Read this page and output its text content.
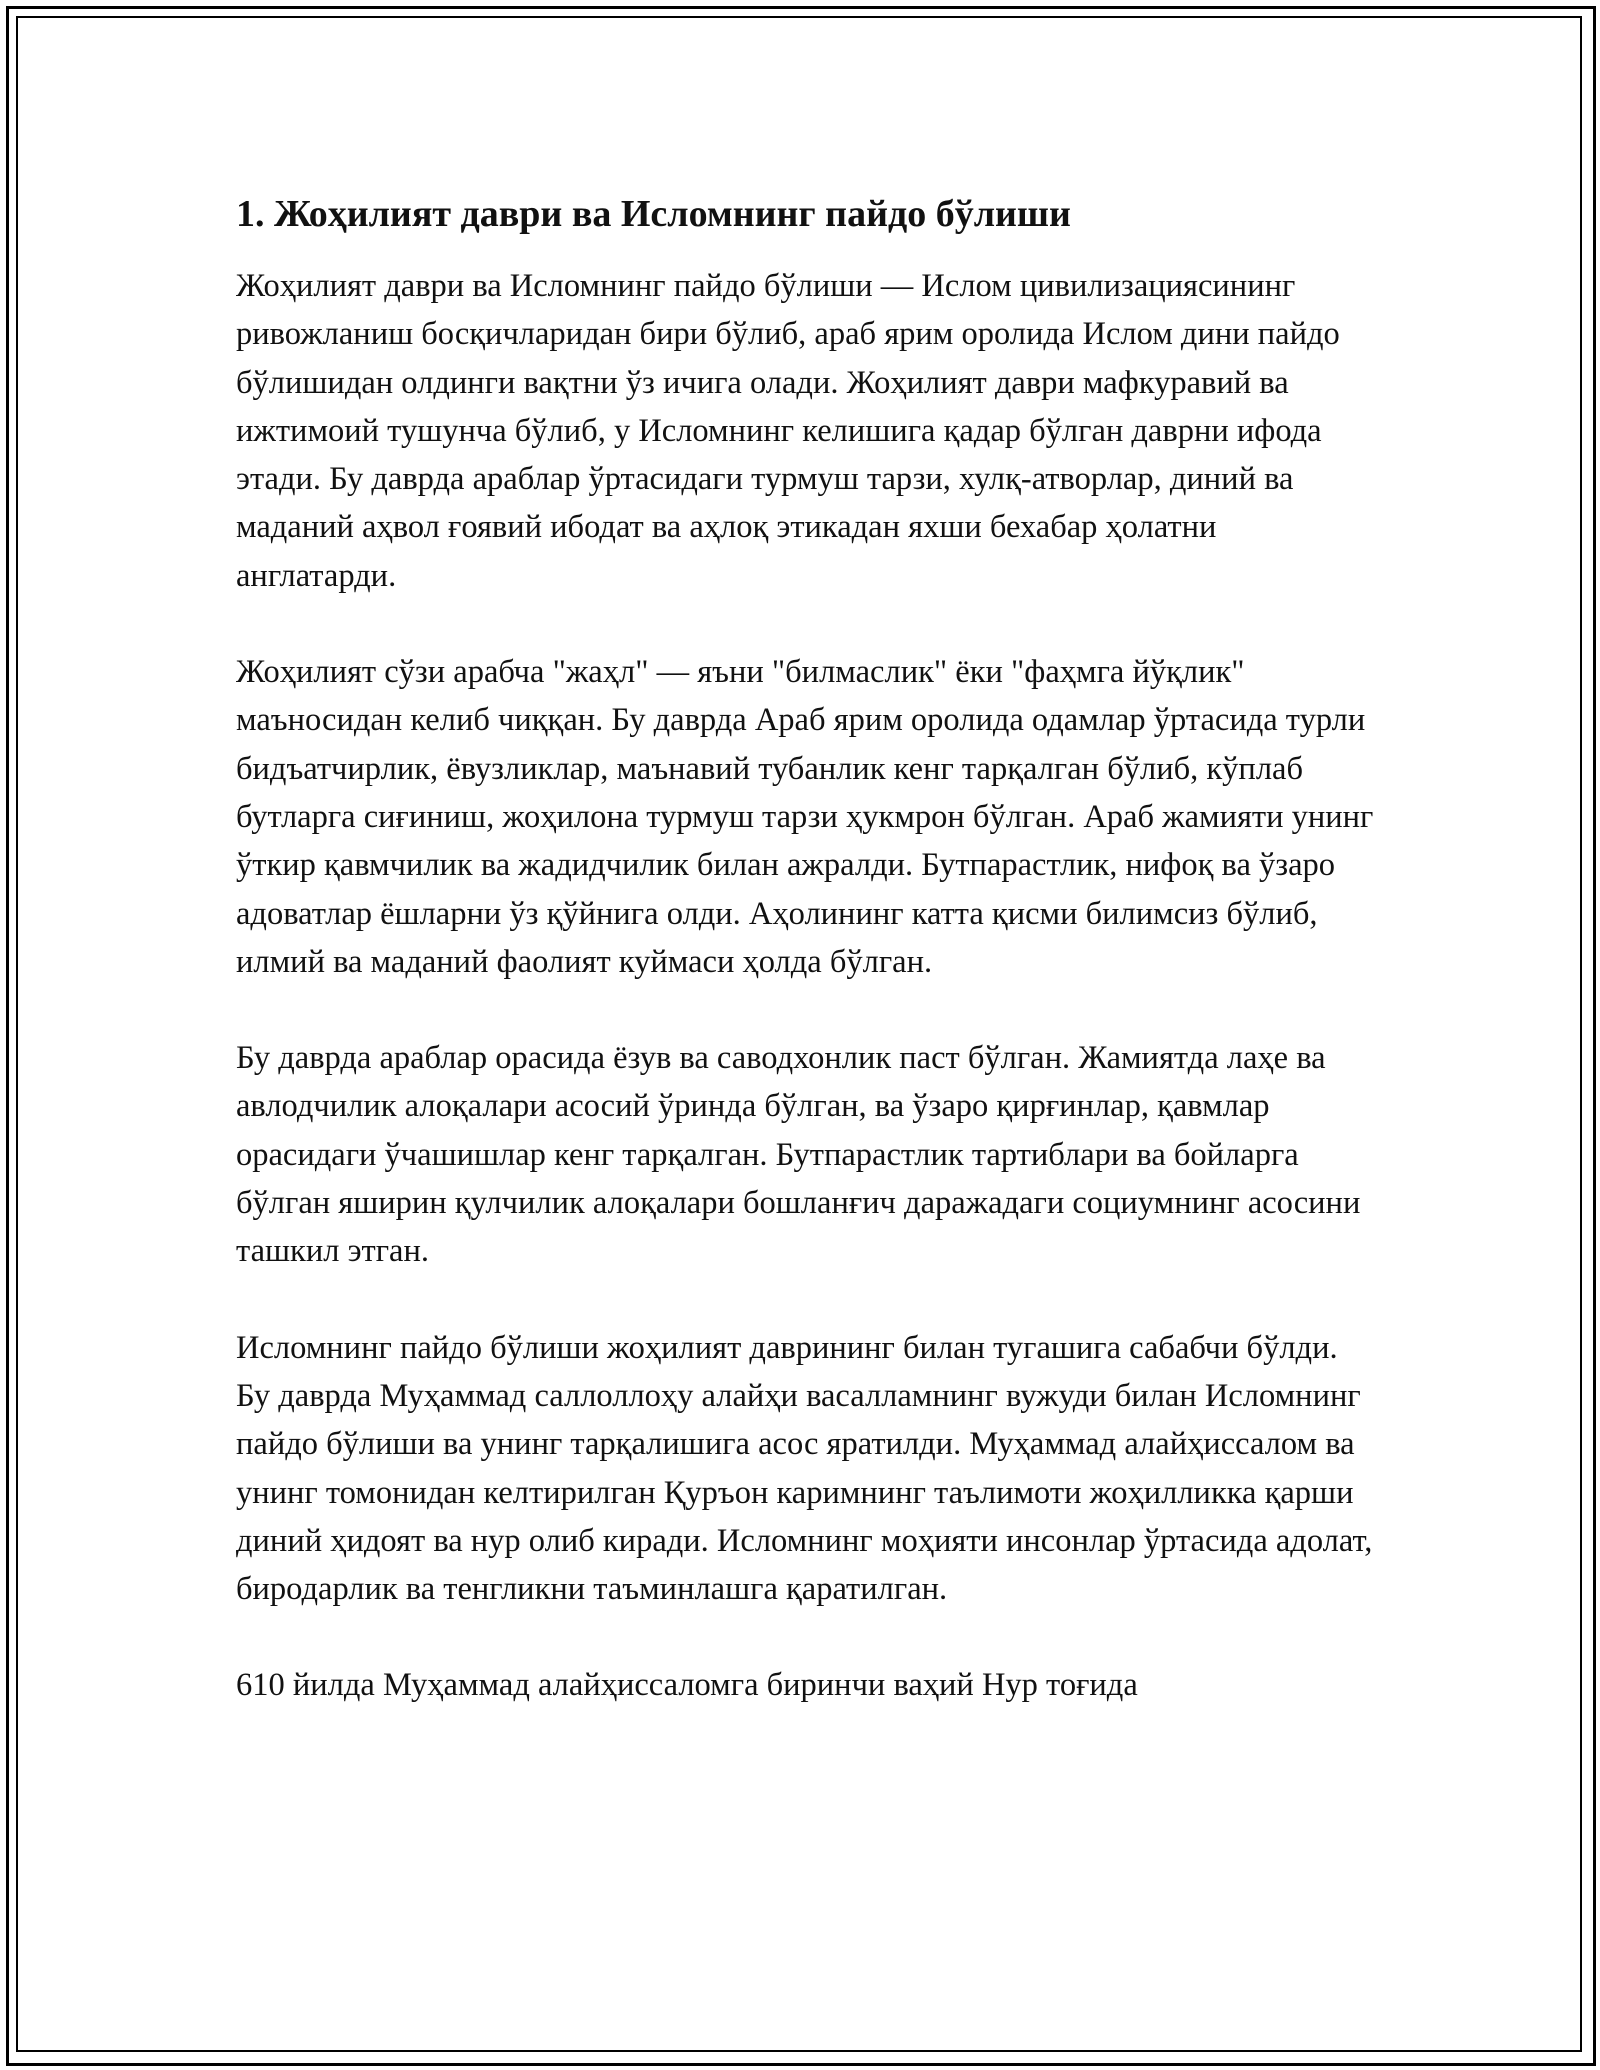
1. Жоҳилият даври ва Исломнинг пайдо бўлиши

Жоҳилият даври ва Исломнинг пайдо бўлиши — Ислом цивилизациясининг ривожланиш босқичларидан бири бўлиб, араб ярим оролида Ислом дини пайдо бўлишидан олдинги вақтни ўз ичига олади. Жоҳилият даври мафкуравий ва ижтимоий тушунча бўлиб, у Исломнинг келишига қадар бўлган даврни ифода этади. Бу даврда араблар ўртасидаги турмуш тарзи, хулқ-атворлар, диний ва маданий аҳвол ғоявий ибодат ва аҳлоқ этикадан яхши бехабар ҳолатни англатарди.

Жоҳилият сўзи арабча "жаҳл" — яъни "билмаслик" ёки "фаҳмга йўқлик" маъносидан келиб чиққан. Бу даврда Араб ярим оролида одамлар ўртасида турли бидъатчирлик, ёвузликлар, маънавий тубанлик кенг тарқалган бўлиб, кўплаб бутларга сиғиниш, жоҳилона турмуш тарзи ҳукмрон бўлган. Араб жамияти унинг ўткир қавмчилик ва жадидчилик билан ажралди. Бутпарастлик, нифоқ ва ўзаро адоватлар ёшларни ўз қўйнига олди. Аҳолининг катта қисми билимсиз бўлиб, илмий ва маданий фаолият куймаси ҳолда бўлган.

Бу даврда араблар орасида ёзув ва саводхонлик паст бўлган. Жамиятда лаҳе ва авлодчилик алоқалари асосий ўринда бўлган, ва ўзаро қирғинлар, қавмлар орасидаги ўчашишлар кенг тарқалган. Бутпарастлик тартиблари ва бойларга бўлган яширин қулчилик алоқалари бошланғич даражадаги социумнинг асосини ташкил этган.

Исломнинг пайдо бўлиши жоҳилият даврининг билан тугашига сабабчи бўлди. Бу даврда Муҳаммад саллоллоҳу алайҳи васалламнинг вужуди билан Исломнинг пайдо бўлиши ва унинг тарқалишига асос яратилди. Муҳаммад алайҳиссалом ва унинг томонидан келтирилган Қуръон каримнинг таълимоти жоҳилликка қарши диний ҳидоят ва нур олиб киради. Исломнинг моҳияти инсонлар ўртасида адолат, биродарлик ва тенгликни таъминлашга қаратилган.

610 йилда Муҳаммад алайҳиссаломга биринчи ваҳий Нур тоғида
